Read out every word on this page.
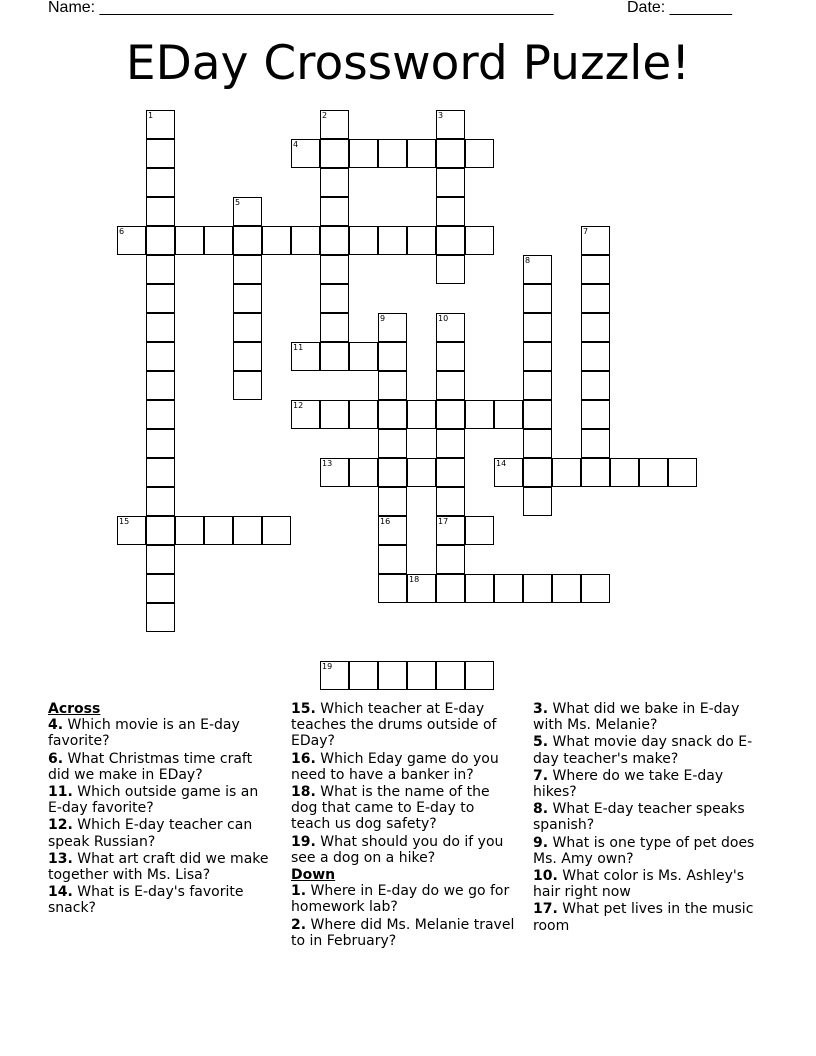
Name: ___________________________________________________	Date: _______
EDay Crossword Puzzle!
1	2	3
4
5
6	7
8
9
16
10
11
12
13	14
15	17
18
19
Across
4. Which movie is an E-day favorite?
6. What Christmas time craft did we make in EDay?
11. Which outside game is an E-day favorite?
12. Which E-day teacher can speak Russian?
13. What art craft did we make together with Ms. Lisa?
14. What is E-day's favorite snack?
15. Which teacher at E-day teaches the drums outside of EDay?
16. Which Eday game do you need to have a banker in?
18. What is the name of the dog that came to E-day to teach us dog safety?
19. What should you do if you see a dog on a hike?
Down
1. Where in E-day do we go for homework lab?
2. Where did Ms. Melanie travel to in February?
3. What did we bake in E-day with Ms. Melanie?
5. What movie day snack do E-day teacher's make?
7. Where do we take E-day hikes?
8. What E-day teacher speaks spanish?
9. What is one type of pet does Ms. Amy own?
10. What color is Ms. Ashley's hair right now
17. What pet lives in the music room
